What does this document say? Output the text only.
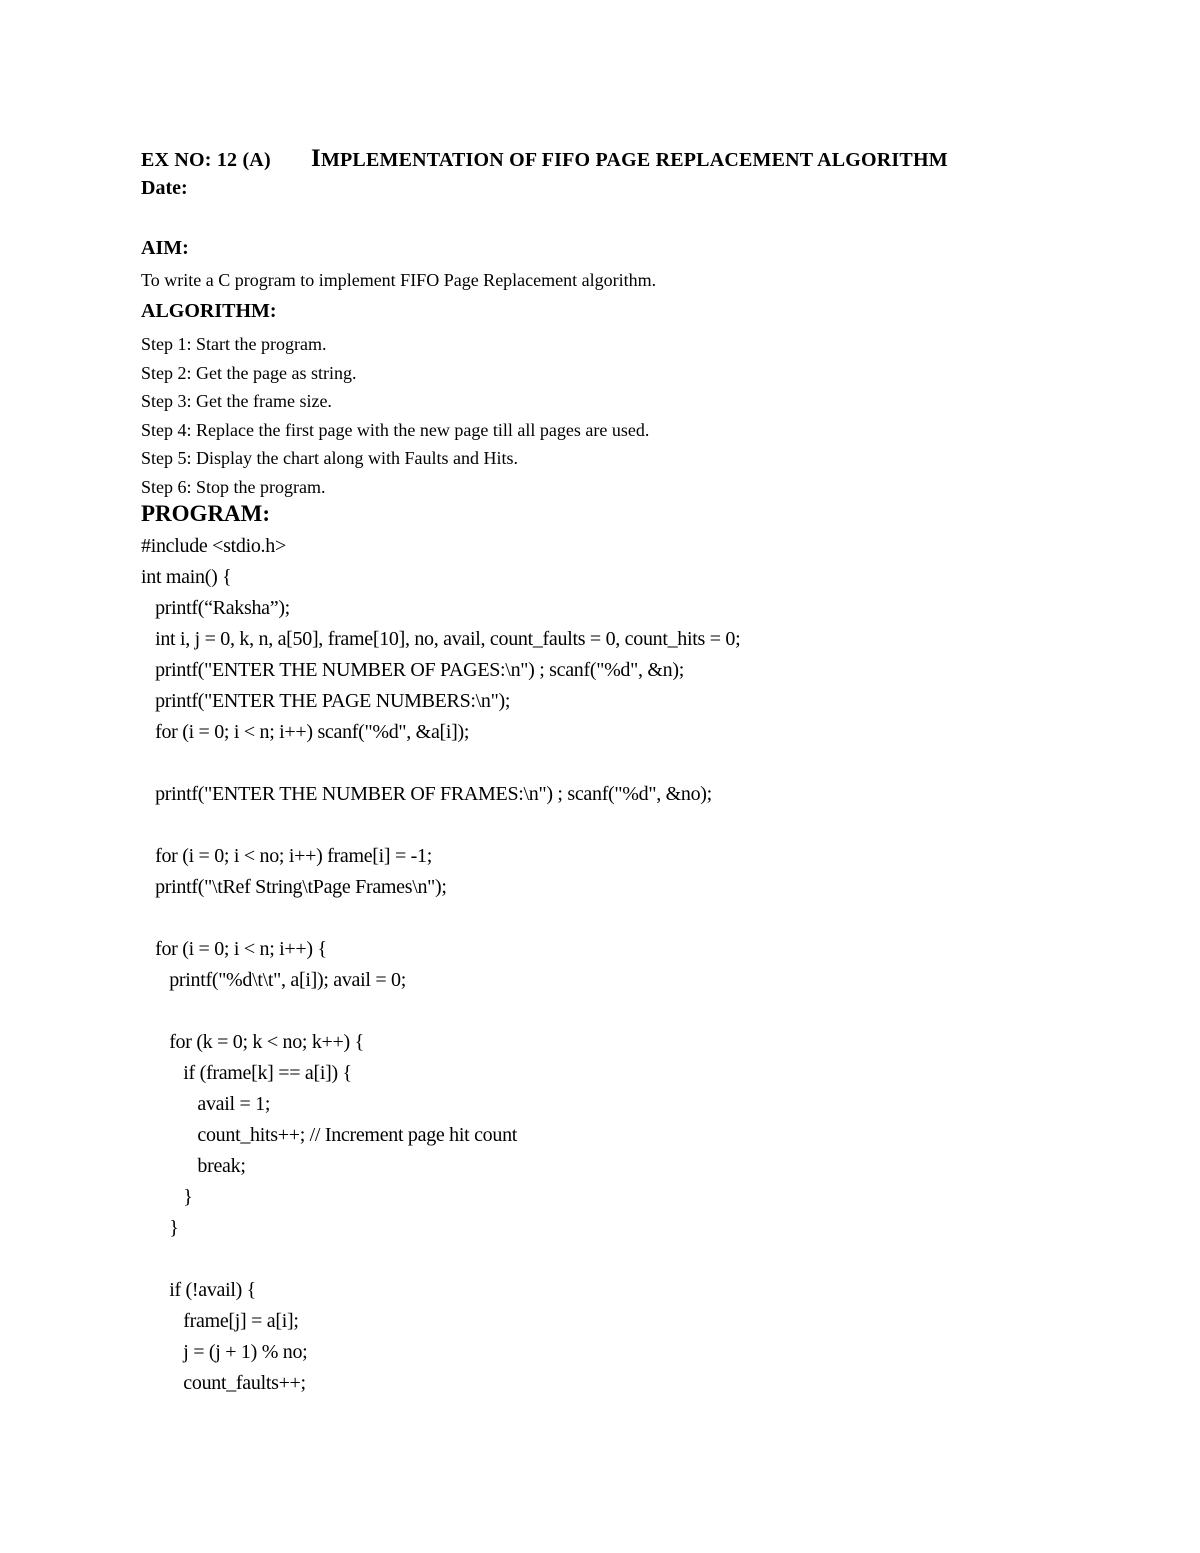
EX NO: 12 (A) IMPLEMENTATION OF FIFO PAGE REPLACEMENT ALGORITHM
Date:
AIM:
To write a C program to implement FIFO Page Replacement algorithm.
ALGORITHM:
Step 1: Start the program.
Step 2: Get the page as string.
Step 3: Get the frame size.
Step 4: Replace the first page with the new page till all pages are used.
Step 5: Display the chart along with Faults and Hits.
Step 6: Stop the program.
PROGRAM:
#include <stdio.h>
int main() {
printf(“Raksha”);
int i, j = 0, k, n, a[50], frame[10], no, avail, count_faults = 0, count_hits = 0;
printf("ENTER THE NUMBER OF PAGES:\n") ; scanf("%d", &n);
printf("ENTER THE PAGE NUMBERS:\n");
for (i = 0; i < n; i++) scanf("%d", &a[i]);
printf("ENTER THE NUMBER OF FRAMES:\n") ; scanf("%d", &no);
for (i = 0; i < no; i++) frame[i] = -1;
printf("\tRef String\tPage Frames\n");
for (i = 0; i < n; i++) {
printf("%d\t\t", a[i]); avail = 0;
for (k = 0; k < no; k++) {
if (frame[k] == a[i]) {
avail = 1;
count_hits++; // Increment page hit count
break;
}
}
if (!avail) {
frame[j] = a[i];
j = (j + 1) % no;
count_faults++;
